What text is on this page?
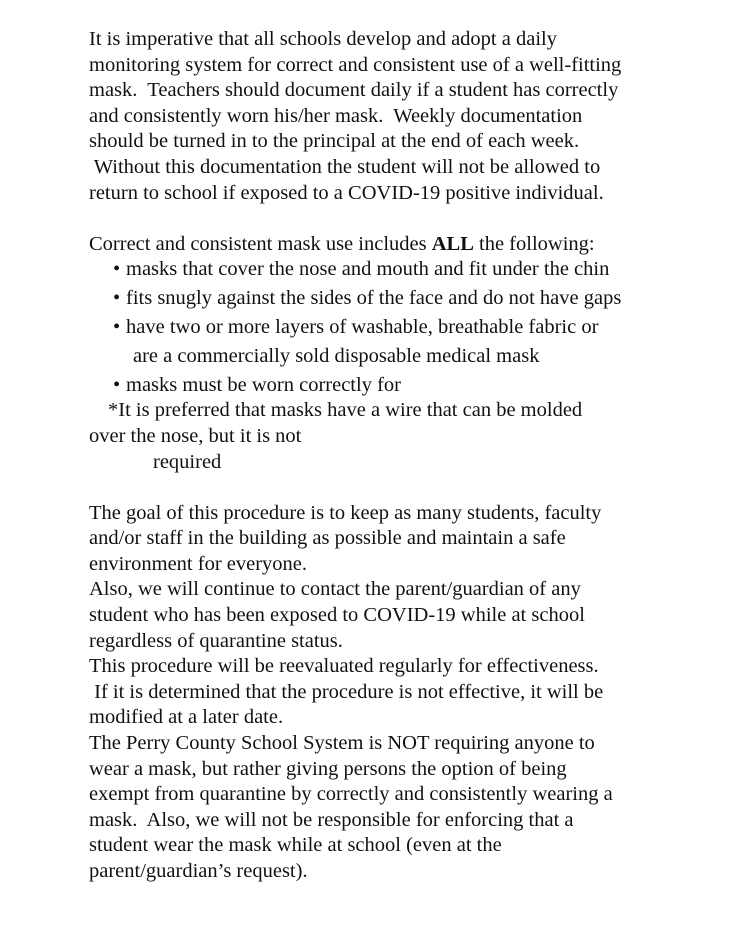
It is imperative that all schools develop and adopt a daily
monitoring system for correct and consistent use of a well-fitting
mask.  Teachers should document daily if a student has correctly
and consistently worn his/her mask.  Weekly documentation
should be turned in to the principal at the end of each week.
Without this documentation the student will not be allowed to
return to school if exposed to a COVID-19 positive individual.
Correct and consistent mask use includes ALL the following:
• masks that cover the nose and mouth and fit under the chin
• fits snugly against the sides of the face and do not have gaps
• have two or more layers of washable, breathable fabric or
are a commercially sold disposable medical mask
• masks must be worn correctly for
*It is preferred that masks have a wire that can be molded
over the nose, but it is not
required
The goal of this procedure is to keep as many students, faculty
and/or staff in the building as possible and maintain a safe
environment for everyone.
Also, we will continue to contact the parent/guardian of any
student who has been exposed to COVID-19 while at school
regardless of quarantine status.
This procedure will be reevaluated regularly for effectiveness.
If it is determined that the procedure is not effective, it will be
modified at a later date.
The Perry County School System is NOT requiring anyone to
wear a mask, but rather giving persons the option of being
exempt from quarantine by correctly and consistently wearing a
mask.  Also, we will not be responsible for enforcing that a
student wear the mask while at school (even at the
parent/guardian’s request).
